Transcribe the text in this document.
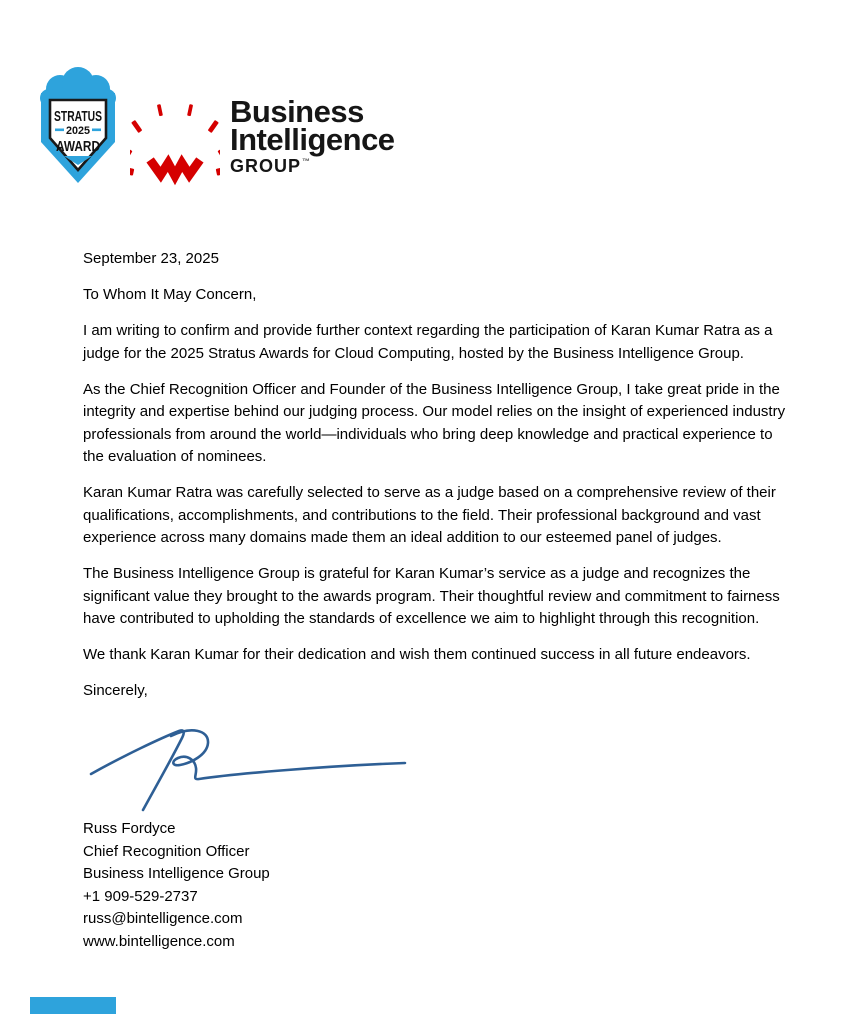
STRATUS
2025
AWARD
Business
Intelligence
GROUP ™

September 23, 2025

To Whom It May Concern,

I am writing to confirm and provide further context regarding the participation of Karan Kumar Ratra as a judge for the 2025 Stratus Awards for Cloud Computing, hosted by the Business Intelligence Group.

As the Chief Recognition Officer and Founder of the Business Intelligence Group, I take great pride in the integrity and expertise behind our judging process. Our model relies on the insight of experienced industry professionals from around the world—individuals who bring deep knowledge and practical experience to the evaluation of nominees.

Karan Kumar Ratra was carefully selected to serve as a judge based on a comprehensive review of their qualifications, accomplishments, and contributions to the field. Their professional background and vast experience across many domains made them an ideal addition to our esteemed panel of judges.

The Business Intelligence Group is grateful for Karan Kumar’s service as a judge and recognizes the significant value they brought to the awards program. Their thoughtful review and commitment to fairness have contributed to upholding the standards of excellence we aim to highlight through this recognition.

We thank Karan Kumar for their dedication and wish them continued success in all future endeavors.

Sincerely,

Russ Fordyce
Chief Recognition Officer
Business Intelligence Group
+1 909-529-2737
russ@bintelligence.com
www.bintelligence.com
